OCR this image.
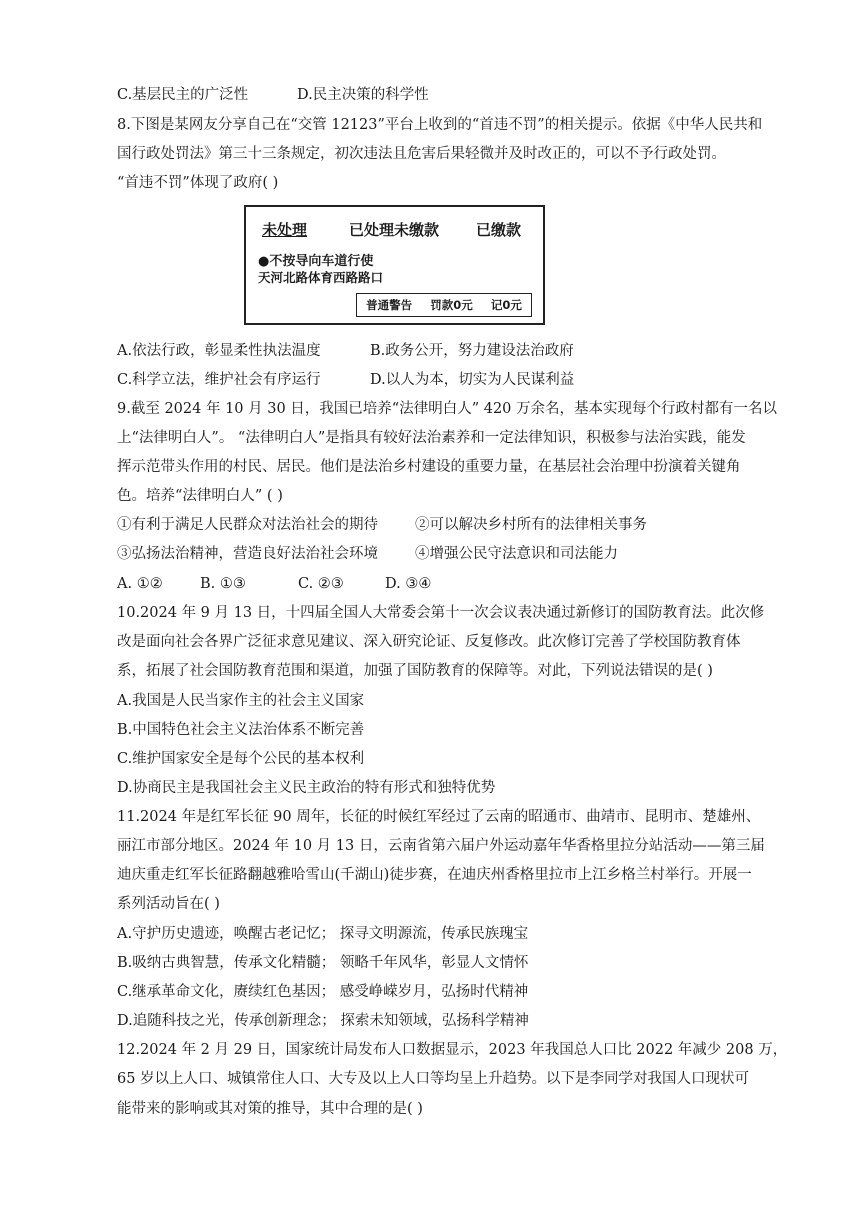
C.基层民主的广泛性	D.民主决策的科学性
8.下图是某网友分享自己在“交管 12123”平台上收到的“首违不罚”的相关提示。依据《中华人民共和
国行政处罚法》第三十三条规定，初次违法且危害后果轻微并及时改正的，可以不予行政处罚。
“首违不罚”体现了政府( )
未处理	已处理未缴款 已缴款
●不按导向车道行使
天河北路体育西路路口
普通警告 罚款0元 记0元
A.依法行政，彰显柔性执法温度	B.政务公开，努力建设法治政府
C.科学立法，维护社会有序运行	D.以人为本，切实为人民谋利益
9.截至 2024 年 10 月 30 日，我国已培养“法律明白人” 420 万余名，基本实现每个行政村都有一名以
上“法律明白人”。 “法律明白人”是指具有较好法治素养和一定法律知识，积极参与法治实践，能发
挥示范带头作用的村民、居民。他们是法治乡村建设的重要力量，在基层社会治理中扮演着关键角
色。培养“法律明白人” ( )
①有利于满足人民群众对法治社会的期待	②可以解决乡村所有的法律相关事务
③弘扬法治精神，营造良好法治社会环境	④增强公民守法意识和司法能力
A. ①②	B. ①③	C. ②③	D. ③④
10.2024 年 9 月 13 日，十四届全国人大常委会第十一次会议表决通过新修订的国防教育法。此次修
改是面向社会各界广泛征求意见建议、深入研究论证、反复修改。此次修订完善了学校国防教育体
系，拓展了社会国防教育范围和渠道，加强了国防教育的保障等。对此，下列说法错误的是( )
A.我国是人民当家作主的社会主义国家
B.中国特色社会主义法治体系不断完善
C.维护国家安全是每个公民的基本权利
D.协商民主是我国社会主义民主政治的特有形式和独特优势
11.2024 年是红军长征 90 周年，长征的时候红军经过了云南的昭通市、曲靖市、昆明市、楚雄州、
丽江市部分地区。2024 年 10 月 13 日，云南省第六届户外运动嘉年华香格里拉分站活动——第三届
迪庆重走红军长征路翻越雅哈雪山(千湖山)徒步赛，在迪庆州香格里拉市上江乡格兰村举行。开展一
系列活动旨在( )
A.守护历史遗迹，唤醒古老记忆； 探寻文明源流，传承民族瑰宝
B.吸纳古典智慧，传承文化精髓； 领略千年风华，彰显人文情怀
C.继承革命文化，赓续红色基因； 感受峥嵘岁月，弘扬时代精神
D.追随科技之光，传承创新理念； 探索未知领域，弘扬科学精神
12.2024 年 2 月 29 日，国家统计局发布人口数据显示，2023 年我国总人口比 2022 年减少 208 万，
65 岁以上人口、城镇常住人口、大专及以上人口等均呈上升趋势。以下是李同学对我国人口现状可
能带来的影响或其对策的推导，其中合理的是( )
